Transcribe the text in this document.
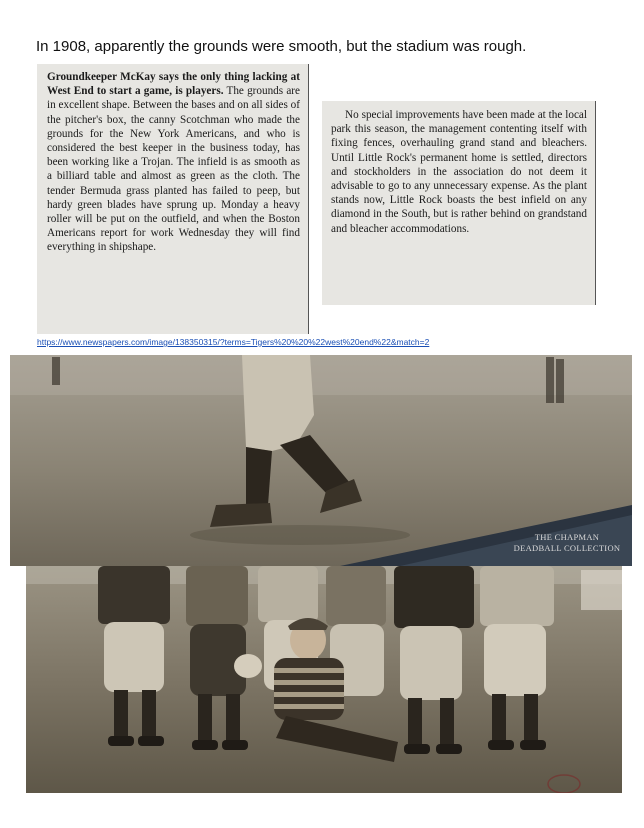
In 1908, apparently the grounds were smooth, but the stadium was rough.

Groundkeeper McKay says the only thing lacking at West End to start a game, is players. The grounds are in excellent shape. Between the bases and on all sides of the pitcher's box, the canny Scotchman who made the grounds for the New York Americans, and who is considered the best keeper in the business today, has been working like a Trojan. The infield is as smooth as a billiard table and almost as green as the cloth. The tender Bermuda grass planted has failed to peep, but hardy green blades have sprung up. Monday a heavy roller will be put on the outfield, and when the Boston Americans report for work Wednesday they will find everything in shipshape.

No special improvements have been made at the local park this season, the management contenting itself with fixing fences, overhauling grand stand and bleachers. Until Little Rock's permanent home is settled, directors and stockholders in the association do not deem it advisable to go to any unnecessary expense. As the plant stands now, Little Rock boasts the best infield on any diamond in the South, but is rather behind on grandstand and bleacher accommodations.

https://www.newspapers.com/image/138350315/?terms=Tigers%20%20%22west%20end%22&match=2
THE CHAPMAN
DEADBALL COLLECTION
